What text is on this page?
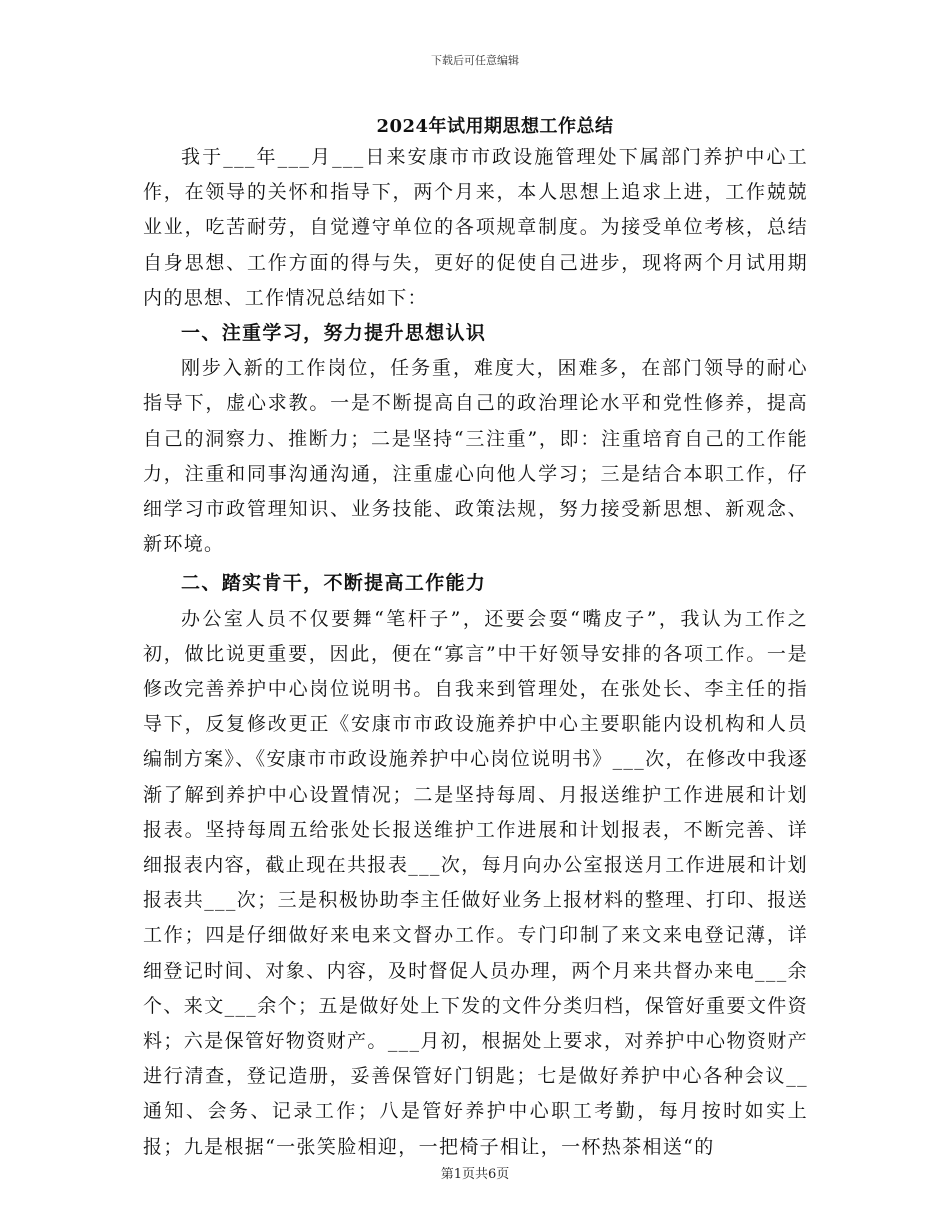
下载后可任意编辑
2024年试用期思想工作总结

我于___年___月___日来安康市市政设施管理处下属部门养护中心工作，在领导的关怀和指导下，两个月来，本人思想上追求上进，工作兢兢业业，吃苦耐劳，自觉遵守单位的各项规章制度。为接受单位考核，总结自身思想、工作方面的得与失，更好的促使自己进步，现将两个月试用期内的思想、工作情况总结如下：

一、注重学习，努力提升思想认识

刚步入新的工作岗位，任务重，难度大，困难多，在部门领导的耐心指导下，虚心求教。一是不断提高自己的政治理论水平和党性修养，提高自己的洞察力、推断力；二是坚持“三注重”，即：注重培育自己的工作能力，注重和同事沟通沟通，注重虚心向他人学习；三是结合本职工作，仔细学习市政管理知识、业务技能、政策法规，努力接受新思想、新观念、新环境。

二、踏实肯干，不断提高工作能力

办公室人员不仅要舞“笔杆子”，还要会耍“嘴皮子”，我认为工作之初，做比说更重要，因此，便在“寡言”中干好领导安排的各项工作。一是修改完善养护中心岗位说明书。自我来到管理处，在张处长、李主任的指导下，反复修改更正《安康市市政设施养护中心主要职能内设机构和人员编制方案》、《安康市市政设施养护中心岗位说明书》___次，在修改中我逐渐了解到养护中心设置情况；二是坚持每周、月报送维护工作进展和计划报表。坚持每周五给张处长报送维护工作进展和计划报表，不断完善、详细报表内容，截止现在共报表___次，每月向办公室报送月工作进展和计划报表共___次；三是积极协助李主任做好业务上报材料的整理、打印、报送工作；四是仔细做好来电来文督办工作。专门印制了来文来电登记薄，详细登记时间、对象、内容，及时督促人员办理，两个月来共督办来电___余个、来文___余个；五是做好处上下发的文件分类归档，保管好重要文件资料；六是保管好物资财产。___月初，根据处上要求，对养护中心物资财产进行清查，登记造册，妥善保管好门钥匙；七是做好养护中心各种会议__通知、会务、记录工作；八是管好养护中心职工考勤，每月按时如实上报；九是根据“一张笑脸相迎，一把椅子相让，一杯热茶相送“的

第1页共6页
